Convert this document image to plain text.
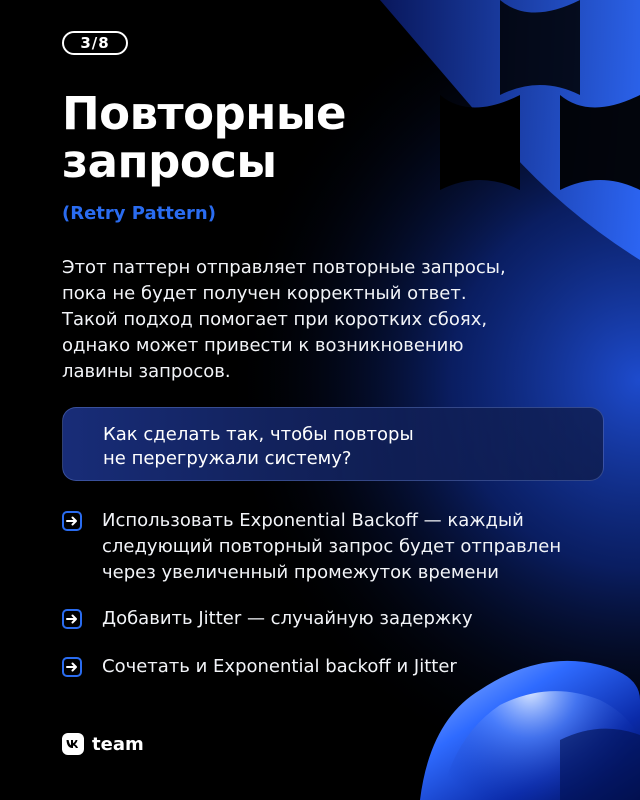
3/8
Повторные
запросы

(Retry Pattern)

Этот паттерн отправляет повторные запросы,
пока не будет получен корректный ответ.
Такой подход помогает при коротких сбоях,
однако может привести к возникновению
лавины запросов.

Как сделать так, чтобы повторы
не перегружали систему?
Использовать Exponential Backoff — каждый
следующий повторный запрос будет отправлен
через увеличенный промежуток времени
Добавить Jitter — случайную задержку
Сочетать и Exponential backoff и Jitter
team
